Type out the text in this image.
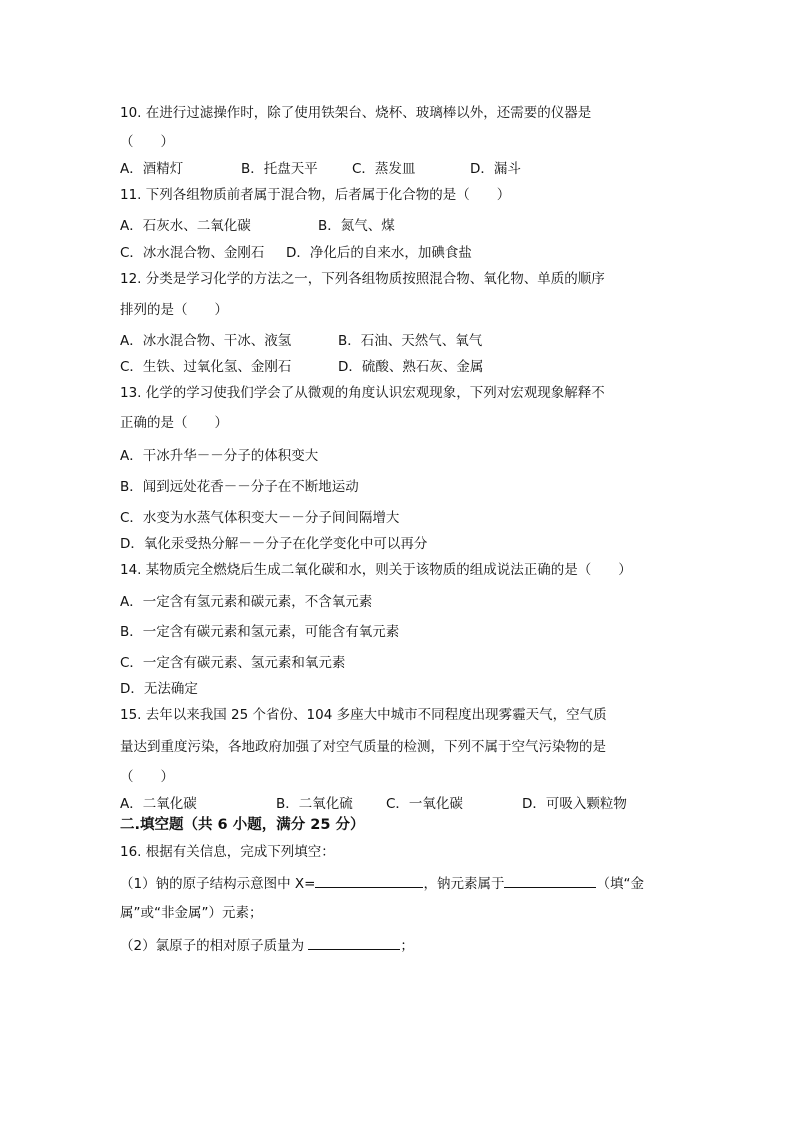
10. 在进行过滤操作时，除了使用铁架台、烧杯、玻璃棒以外，还需要的仪器是
（　　）
A．酒精灯	B．托盘天平	C．蒸发皿	D．漏斗
11. 下列各组物质前者属于混合物，后者属于化合物的是（　　）
A．石灰水、二氧化碳	B．氮气、煤
C．冰水混合物、金刚石 D．净化后的自来水，加碘食盐
12. 分类是学习化学的方法之一，下列各组物质按照混合物、氧化物、单质的顺序
排列的是（　　）
A．冰水混合物、干冰、液氢	B．石油、天然气、氧气
C．生铁、过氧化氢、金刚石	D．硫酸、熟石灰、金属
13. 化学的学习使我们学会了从微观的角度认识宏观现象，下列对宏观现象解释不
正确的是（　　）
A．干冰升华－－分子的体积变大
B．闻到远处花香－－分子在不断地运动
C．水变为水蒸气体积变大－－分子间间隔增大
D．氧化汞受热分解－－分子在化学变化中可以再分
14. 某物质完全燃烧后生成二氧化碳和水，则关于该物质的组成说法正确的是（　　）
A．一定含有氢元素和碳元素，不含氧元素
B．一定含有碳元素和氢元素，可能含有氧元素
C．一定含有碳元素、氢元素和氧元素
D．无法确定
15. 去年以来我国 25 个省份、104 多座大中城市不同程度出现雾霾天气，空气质
量达到重度污染，各地政府加强了对空气质量的检测，下列不属于空气污染物的是
（　　）
A．二氧化碳	B．二氧化硫 C．一氧化碳	D．可吸入颗粒物
二.填空题（共 6 小题，满分 25 分）
16. 根据有关信息，完成下列填空：
（1）钠的原子结构示意图中 X=	，钠元素属于	（填“金
属”或“非金属”）元素；
（2）氯原子的相对原子质量为	；
